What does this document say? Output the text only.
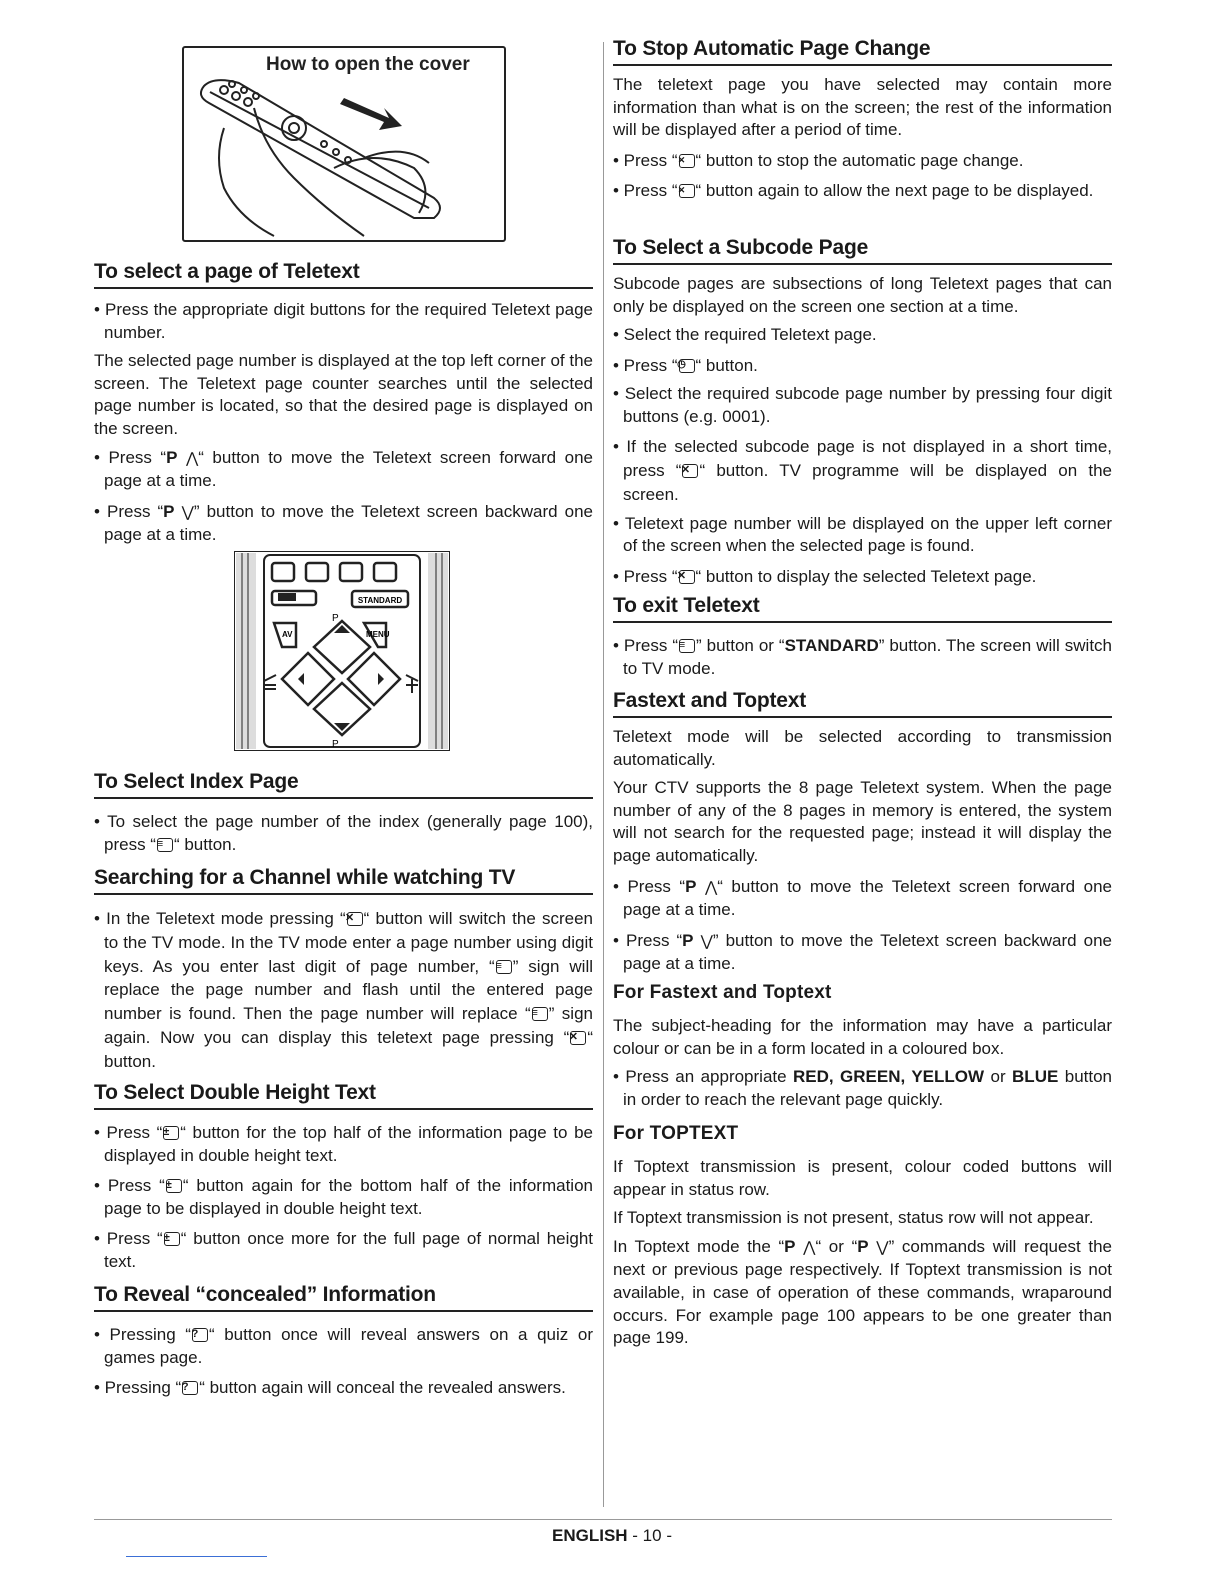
How to open the cover
To select a page of Teletext
• Press the appropriate digit buttons for the required Teletext page number.

The selected page number is displayed at the top left corner of the screen. The Teletext page counter searches until the selected page number is located, so that the desired page is displayed on the screen.

• Press “P ⋀“ button to move the Teletext screen forward one page at a time.
• Press “P ⋁” button to move the Teletext screen backward one page at a time.
STANDARD
AV	MENU
P
P
To Select Index Page
• To select the page number of the index (generally page 100), press “ ≡ “ button.
Searching for a Channel while watching TV
• In the Teletext mode pressing “ ✕ “ button will switch the screen to the TV mode. In the TV mode enter a page number using digit keys. As you enter last digit of page number, “ ≡ ” sign will replace the page number and flash until the entered page number is found. Then the page number will replace “ ≡ ” sign again. Now you can display this teletext page pressing “ ✕ “ button.
To Select Double Height Text
• Press “ ± “ button for the top half of the information page to be displayed in double height text.
• Press “ ± “ button again for the bottom half of the information page to be displayed in double height text.
• Press “ ± “ button once more for the full page of normal height text.
To Reveal “concealed” Information
• Pressing “ ? “ button once will reveal answers on a quiz or games page.
• Pressing “ ? “ button again will conceal the revealed answers.
To Stop Automatic Page Change

The teletext page you have selected may contain more information than what is on the screen; the rest of the information will be displayed after a period of time.

• Press “ ✕ “ button to stop the automatic page change.
• Press “ ✕ “ button again to allow the next page to be displayed.
To Select a Subcode Page

Subcode pages are subsections of long Teletext pages that can only be displayed on the screen one section at a time.

• Select the required Teletext page.
• Press “ ◷ “ button.
• Select the required subcode page number by pressing four digit buttons (e.g. 0001).
• If the selected subcode page is not displayed in a short time, press “ ✕ “ button. TV programme will be displayed on the screen.
• Teletext page number will be displayed on the upper left corner of the screen when the selected page is found.
• Press “ ✕ “ button to display the selected Teletext page.
To exit Teletext
• Press “ ≡ ” button or “STANDARD” button. The screen will switch to TV mode.
Fastext and Toptext

Teletext mode will be selected according to transmission automatically.

Your CTV supports the 8 page Teletext system. When the page number of any of the 8 pages in memory is entered, the system will not search for the requested page; instead it will display the page automatically.

• Press “P ⋀“ button to move the Teletext screen forward one page at a time.
• Press “P ⋁” button to move the Teletext screen backward one page at a time.
For Fastext and Toptext

The subject-heading for the information may have a particular colour or can be in a form located in a coloured box.

• Press an appropriate RED, GREEN, YELLOW or BLUE button in order to reach the relevant page quickly.
For TOPTEXT

If Toptext transmission is present, colour coded buttons will appear in status row.

If Toptext transmission is not present, status row will not appear.

In Toptext mode the “P ⋀“ or “P ⋁” commands will request the next or previous page respectively. If Toptext transmission is not available, in case of operation of these commands, wraparound occurs. For example page 100 appears to be one greater than page 199.

ENGLISH - 10 -
